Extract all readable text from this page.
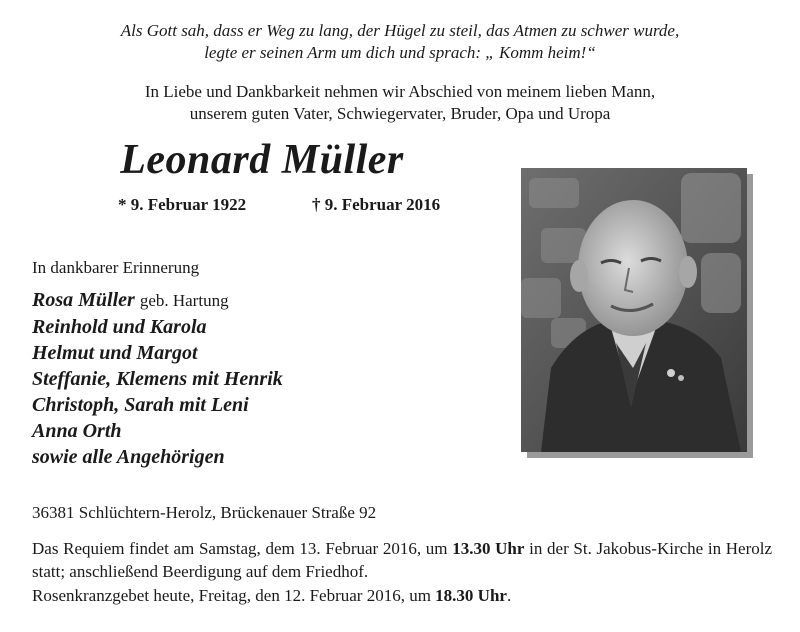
Als Gott sah, dass er Weg zu lang, der Hügel zu steil, das Atmen zu schwer wurde,
legte er seinen Arm um dich und sprach: „ Komm heim!“
In Liebe und Dankbarkeit nehmen wir Abschied von meinem lieben Mann,
unserem guten Vater, Schwiegervater, Bruder, Opa und Uropa
Leonard Müller
* 9. Februar 1922	† 9. Februar 2016
In dankbarer Erinnerung
Rosa Müller geb. Hartung
Reinhold und Karola
Helmut und Margot
Steffanie, Klemens mit Henrik
Christoph, Sarah mit Leni
Anna Orth
sowie alle Angehörigen
36381 Schlüchtern-Herolz, Brückenauer Straße 92
Das Requiem findet am Samstag, dem 13. Februar 2016, um 13.30 Uhr in der St. Jakobus-Kirche in Herolz statt; anschließend Beerdigung auf dem Friedhof.
Rosenkranzgebet heute, Freitag, den 12. Februar 2016, um 18.30 Uhr.
